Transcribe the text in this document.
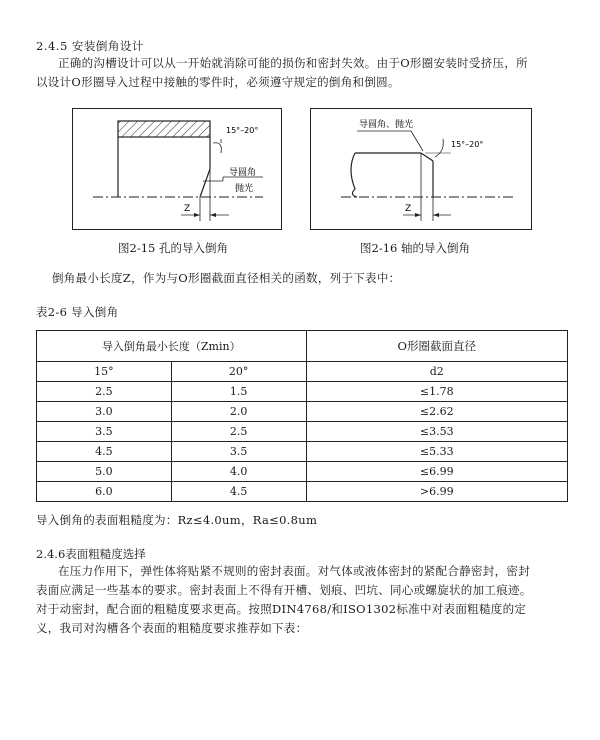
2.4.5 安装倒角设计
正确的沟槽设计可以从一开始就消除可能的损伤和密封失效。由于O形圈安装时受挤压，所
以设计O形圈导入过程中接触的零件时，必须遵守规定的倒角和倒圆。
15°–20°
导圆角
抛光
Z
导圆角、抛光
15°–20°
Z
图2-15 孔的导入倒角	图2-16 轴的导入倒角
倒角最小长度Z，作为与O形圈截面直径相关的函数，列于下表中：
表2-6 导入倒角
导入倒角最小长度（Zmin）		O形圈截面直径
15°	20°	d2
2.5	1.5	≤1.78
3.0	2.0	≤2.62
3.5	2.5	≤3.53
4.5	3.5	≤5.33
5.0	4.0	≤6.99
6.0	4.5	>6.99
导入倒角的表面粗糙度为：Rz≤4.0um，Ra≤0.8um
2.4.6表面粗糙度选择
在压力作用下，弹性体将贴紧不规则的密封表面。对气体或液体密封的紧配合静密封，密封
表面应满足一些基本的要求。密封表面上不得有开槽、划痕、凹坑、同心或螺旋状的加工痕迹。
对于动密封，配合面的粗糙度要求更高。按照DIN4768/和ISO1302标准中对表面粗糙度的定
义，我司对沟槽各个表面的粗糙度要求推荐如下表：
